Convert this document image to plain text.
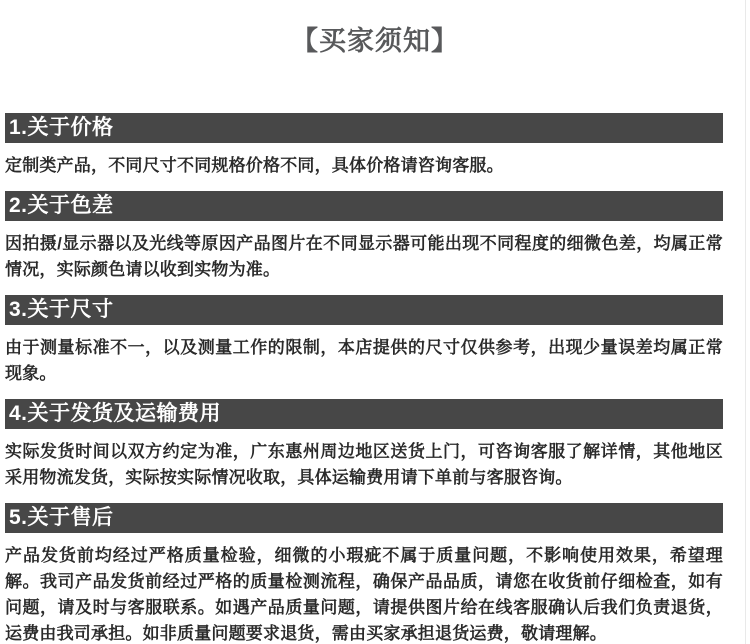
【买家须知】
1.关于价格

定制类产品，不同尺寸不同规格价格不同，具体价格请咨询客服。

2.关于色差

因拍摄/显示器以及光线等原因产品图片在不同显示器可能出现不同程度的细微色差，均属正常情况，实际颜色请以收到实物为准。

3.关于尺寸

由于测量标准不一，以及测量工作的限制，本店提供的尺寸仅供参考，出现少量误差均属正常现象。

4.关于发货及运输费用

实际发货时间以双方约定为准，广东惠州周边地区送货上门，可咨询客服了解详情，其他地区采用物流发货，实际按实际情况收取，具体运输费用请下单前与客服咨询。

5.关于售后

产品发货前均经过严格质量检验，细微的小瑕疵不属于质量问题，不影响使用效果，希望理解。我司产品发货前经过严格的质量检测流程，确保产品品质，请您在收货前仔细检查，如有问题，请及时与客服联系。如遇产品质量问题，请提供图片给在线客服确认后我们负责退货，运费由我司承担。如非质量问题要求退货，需由买家承担退货运费，敬请理解。
